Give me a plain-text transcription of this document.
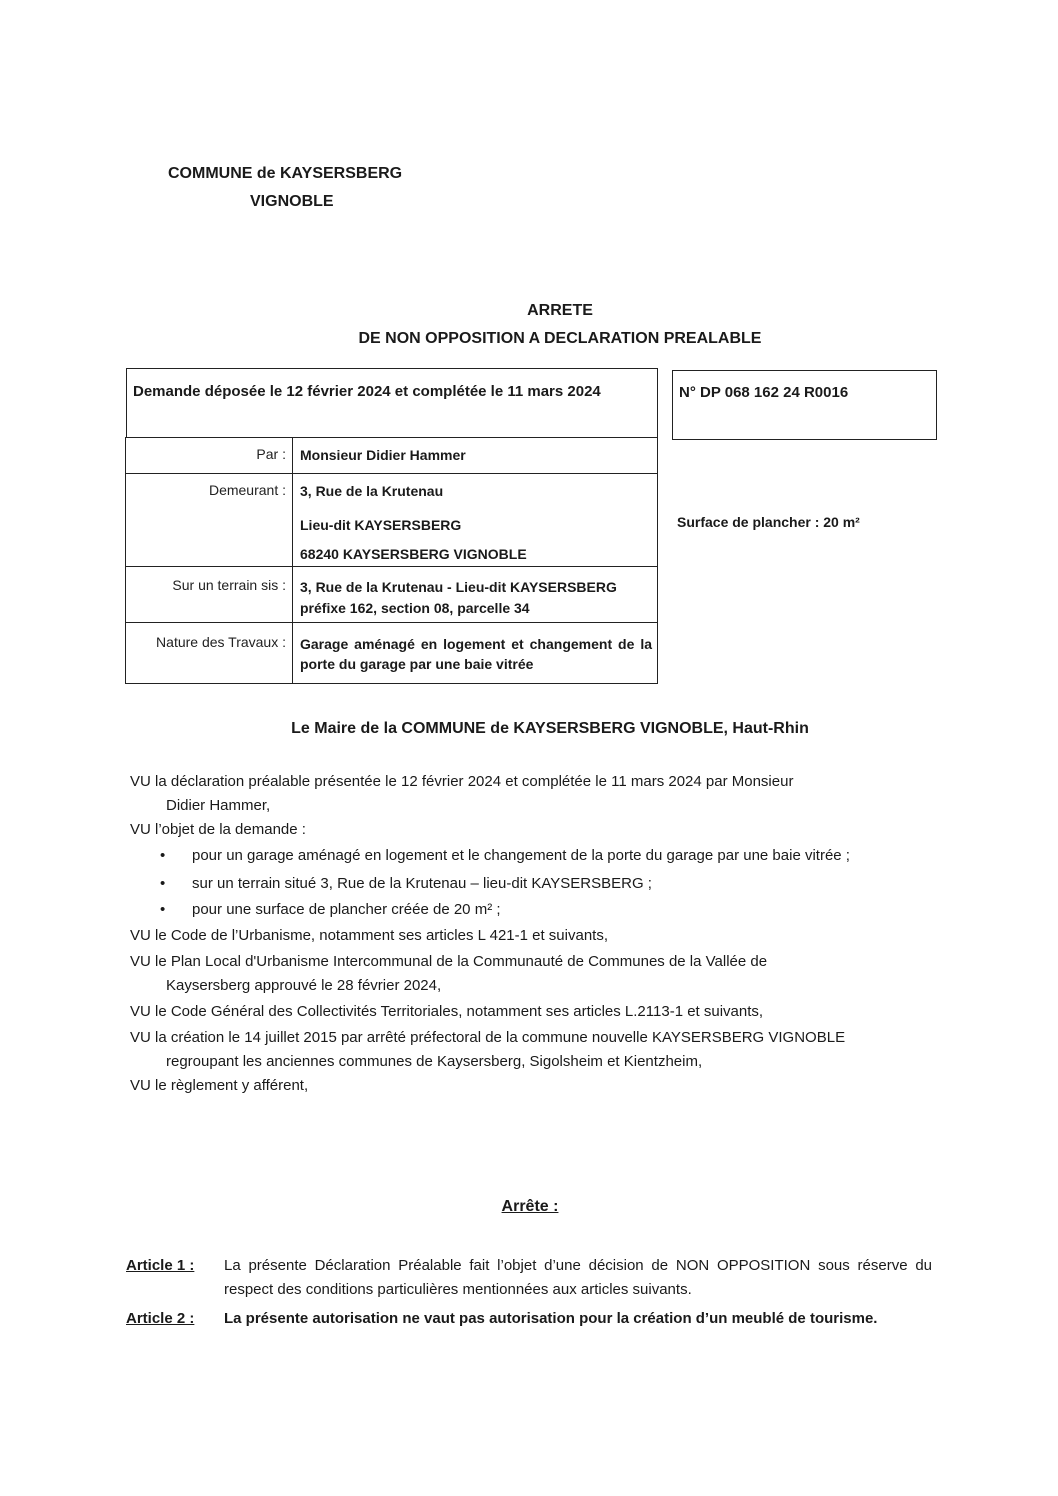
COMMUNE de KAYSERSBERG
VIGNOBLE
ARRETE
DE NON OPPOSITION A DECLARATION PREALABLE
Demande déposée le 12 février 2024 et complétée le 11 mars 2024	N° DP 068 162 24 R0016
Par : Monsieur Didier Hammer
Demeurant : 3, Rue de la Krutenau
Lieu-dit KAYSERSBERG
68240 KAYSERSBERG VIGNOBLE
Sur un terrain sis : 3, Rue de la Krutenau - Lieu-dit KAYSERSBERG
préfixe 162, section 08, parcelle 34
Nature des Travaux : Garage aménagé en logement et changement de la porte du garage par une baie vitrée
Surface de plancher : 20 m²
Le Maire de la COMMUNE de KAYSERSBERG VIGNOBLE, Haut-Rhin
VU la déclaration préalable présentée le 12 février 2024 et complétée le 11 mars 2024 par Monsieur
Didier Hammer,
VU l’objet de la demande :
• pour un garage aménagé en logement et le changement de la porte du garage par une baie vitrée ;
• sur un terrain situé 3, Rue de la Krutenau – lieu-dit KAYSERSBERG ;
• pour une surface de plancher créée de 20 m² ;
VU le Code de l’Urbanisme, notamment ses articles L 421-1 et suivants,
VU le Plan Local d'Urbanisme Intercommunal de la Communauté de Communes de la Vallée de
Kaysersberg approuvé le 28 février 2024,
VU le Code Général des Collectivités Territoriales, notamment ses articles L.2113-1 et suivants,
VU la création le 14 juillet 2015 par arrêté préfectoral de la commune nouvelle KAYSERSBERG VIGNOBLE
regroupant les anciennes communes de Kaysersberg, Sigolsheim et Kientzheim,
VU le règlement y afférent,
Arrête :
Article 1 : La présente Déclaration Préalable fait l’objet d’une décision de NON OPPOSITION sous réserve du respect des conditions particulières mentionnées aux articles suivants.
Article 2 : La présente autorisation ne vaut pas autorisation pour la création d’un meublé de tourisme.
